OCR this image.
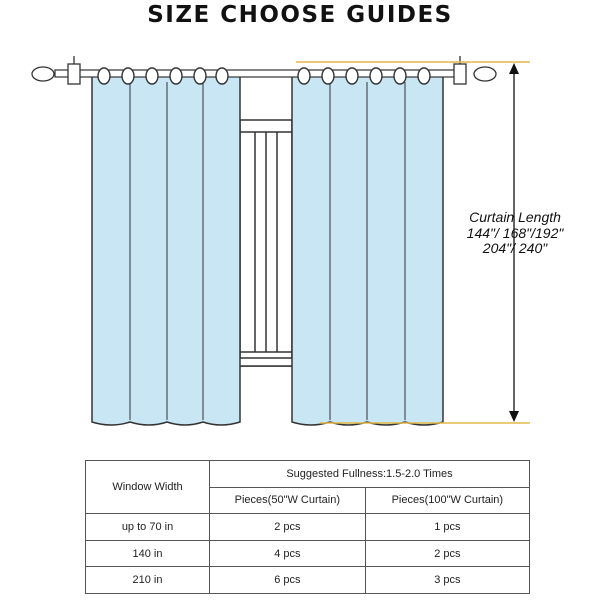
SIZE CHOOSE GUIDES
Curtain Length
144"/ 168"/192"
204"/ 240"
Window Width	Suggested Fullness:1.5-2.0 Times	
	Pieces(50"W Curtain)	Pieces(100"W Curtain)
up to 70 in	2 pcs	1 pcs
140 in	4 pcs	2 pcs
210 in	6 pcs	3 pcs
